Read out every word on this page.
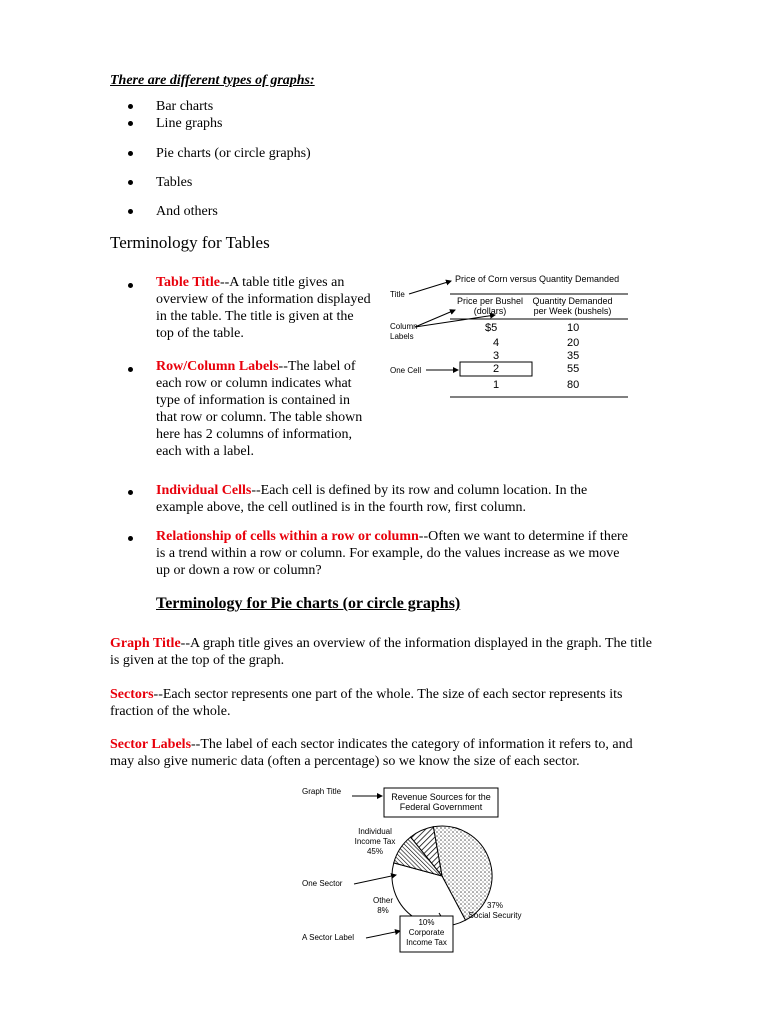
There are different types of graphs:
Bar charts
Line graphs
Pie charts (or circle graphs)
Tables
And others
Terminology for Tables
Table Title--A table title gives an overview of the information displayed in the table. The title is given at the top of the table.
Row/Column Labels--The label of each row or column indicates what type of information is contained in that row or column. The table shown here has 2 columns of information, each with a label.
Individual Cells--Each cell is defined by its row and column location. In the example above, the cell outlined is in the fourth row, first column.
Relationship of cells within a row or column--Often we want to determine if there is a trend within a row or column. For example, do the values increase as we move up or down a row or column?
Price of Corn versus Quantity Demanded
Title
Column Labels
One Cell
Price per Bushel (dollars)
Quantity Demanded per Week (bushels)
$5	10
4	20
3	35
2	55
1	80
Terminology for Pie charts (or circle graphs)
Graph Title--A graph title gives an overview of the information displayed in the graph. The title is given at the top of the graph.
Sectors--Each sector represents one part of the whole. The size of each sector represents its fraction of the whole.
Sector Labels--The label of each sector indicates the category of information it refers to, and may also give numeric data (often a percentage) so we know the size of each sector.
Graph Title
Revenue Sources for the Federal Government
One Sector
A Sector Label
Individual Income Tax
45%
37%
Social Security
10%
Corporate Income Tax
Other
8%
